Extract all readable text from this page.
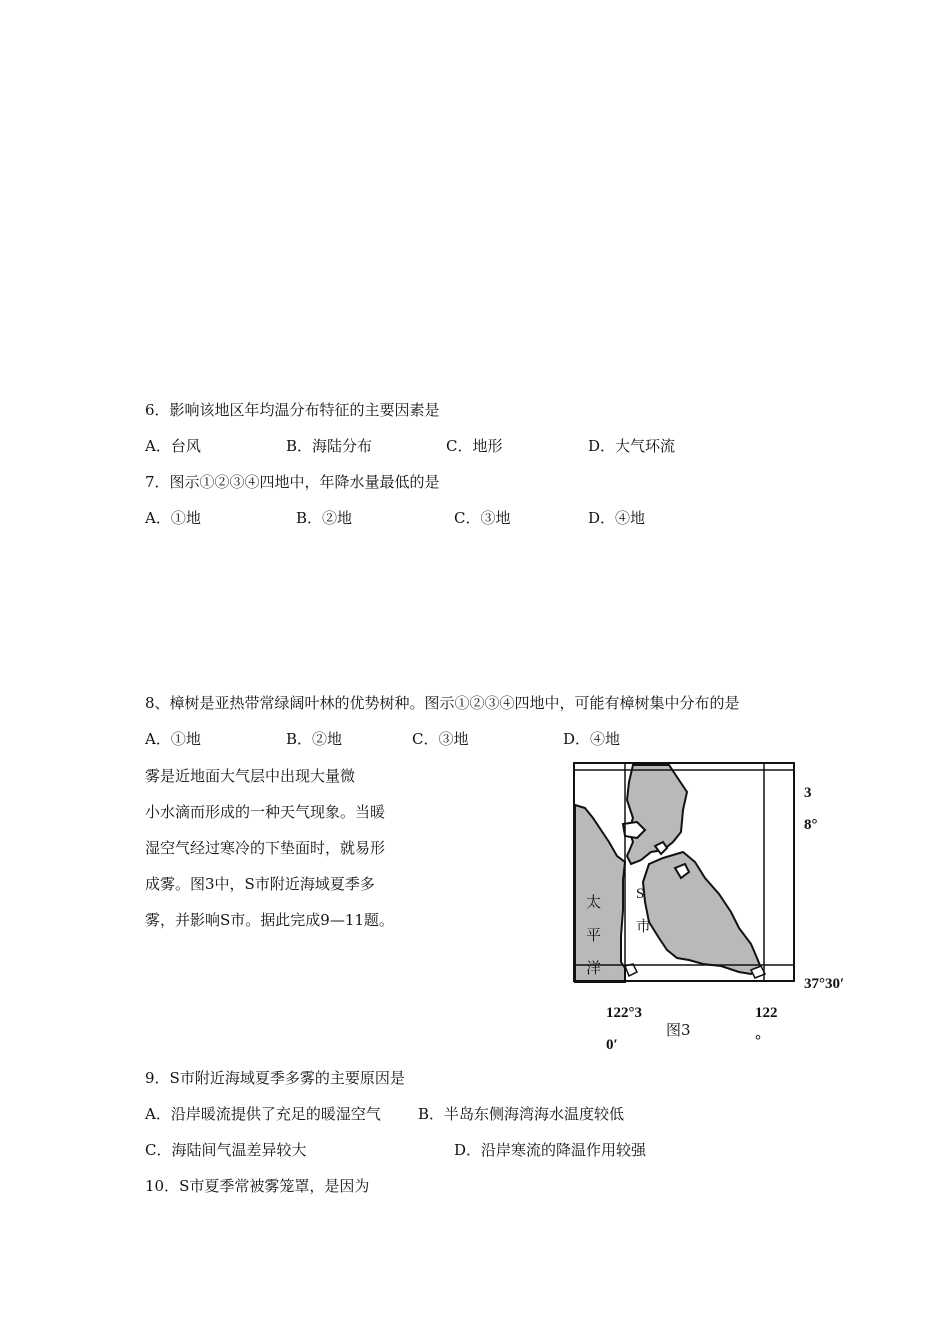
6．影响该地区年均温分布特征的主要因素是
A．台风	B．海陆分布	C．地形	D．大气环流
7．图示①②③④四地中，年降水量最低的是
A．①地	B．②地	C．③地	D．④地
8、樟树是亚热带常绿阔叶林的优势树种。图示①②③④四地中，可能有樟树集中分布的是
A．①地	B．②地	C．③地	D．④地
雾是近地面大气层中出现大量微
小水滴而形成的一种天气现象。当暖
湿空气经过寒冷的下垫面时，就易形
成雾。图3中，S市附近海域夏季多
雾，并影响S市。据此完成9—11题。
太
平
洋
S
市
3
8°
37°30′
122°3
0′
122
°
图3
9．S市附近海域夏季多雾的主要原因是
A．沿岸暖流提供了充足的暖湿空气 B．半岛东侧海湾海水温度较低
C．海陆间气温差异较大	D．沿岸寒流的降温作用较强
10．S市夏季常被雾笼罩，是因为
